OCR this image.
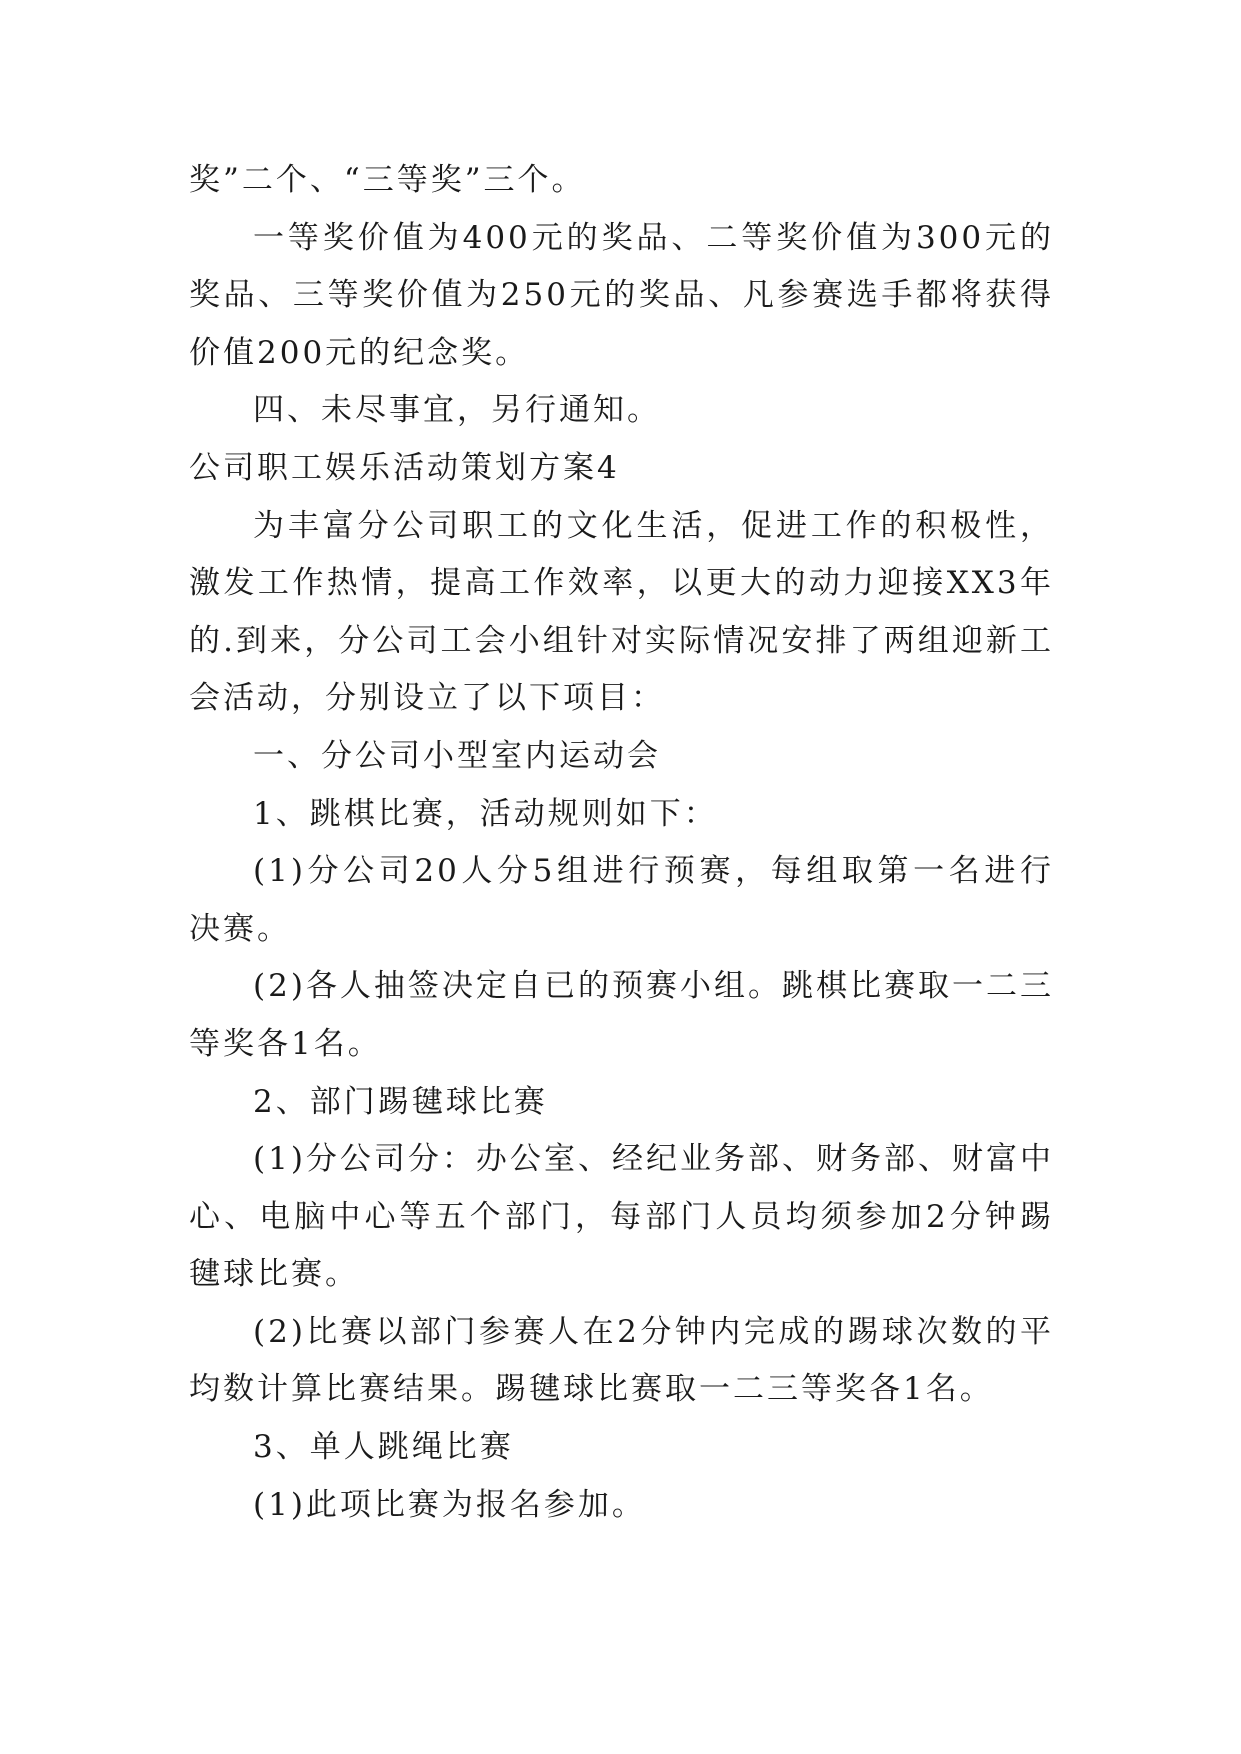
奖”二个、“三等奖”三个。

一等奖价值为400元的奖品、二等奖价值为300元的奖品、三等奖价值为250元的奖品、凡参赛选手都将获得价值200元的纪念奖。

四、未尽事宜，另行通知。

公司职工娱乐活动策划方案4

为丰富分公司职工的文化生活，促进工作的积极性，激发工作热情，提高工作效率，以更大的动力迎接XX3年的.到来，分公司工会小组针对实际情况安排了两组迎新工会活动，分别设立了以下项目：

一、分公司小型室内运动会

1、跳棋比赛，活动规则如下：

(1)分公司20人分5组进行预赛，每组取第一名进行决赛。

(2)各人抽签决定自已的预赛小组。跳棋比赛取一二三等奖各1名。

2、部门踢毽球比赛

(1)分公司分：办公室、经纪业务部、财务部、财富中心、电脑中心等五个部门，每部门人员均须参加2分钟踢毽球比赛。

(2)比赛以部门参赛人在2分钟内完成的踢球次数的平均数计算比赛结果。踢毽球比赛取一二三等奖各1名。

3、单人跳绳比赛

(1)此项比赛为报名参加。
